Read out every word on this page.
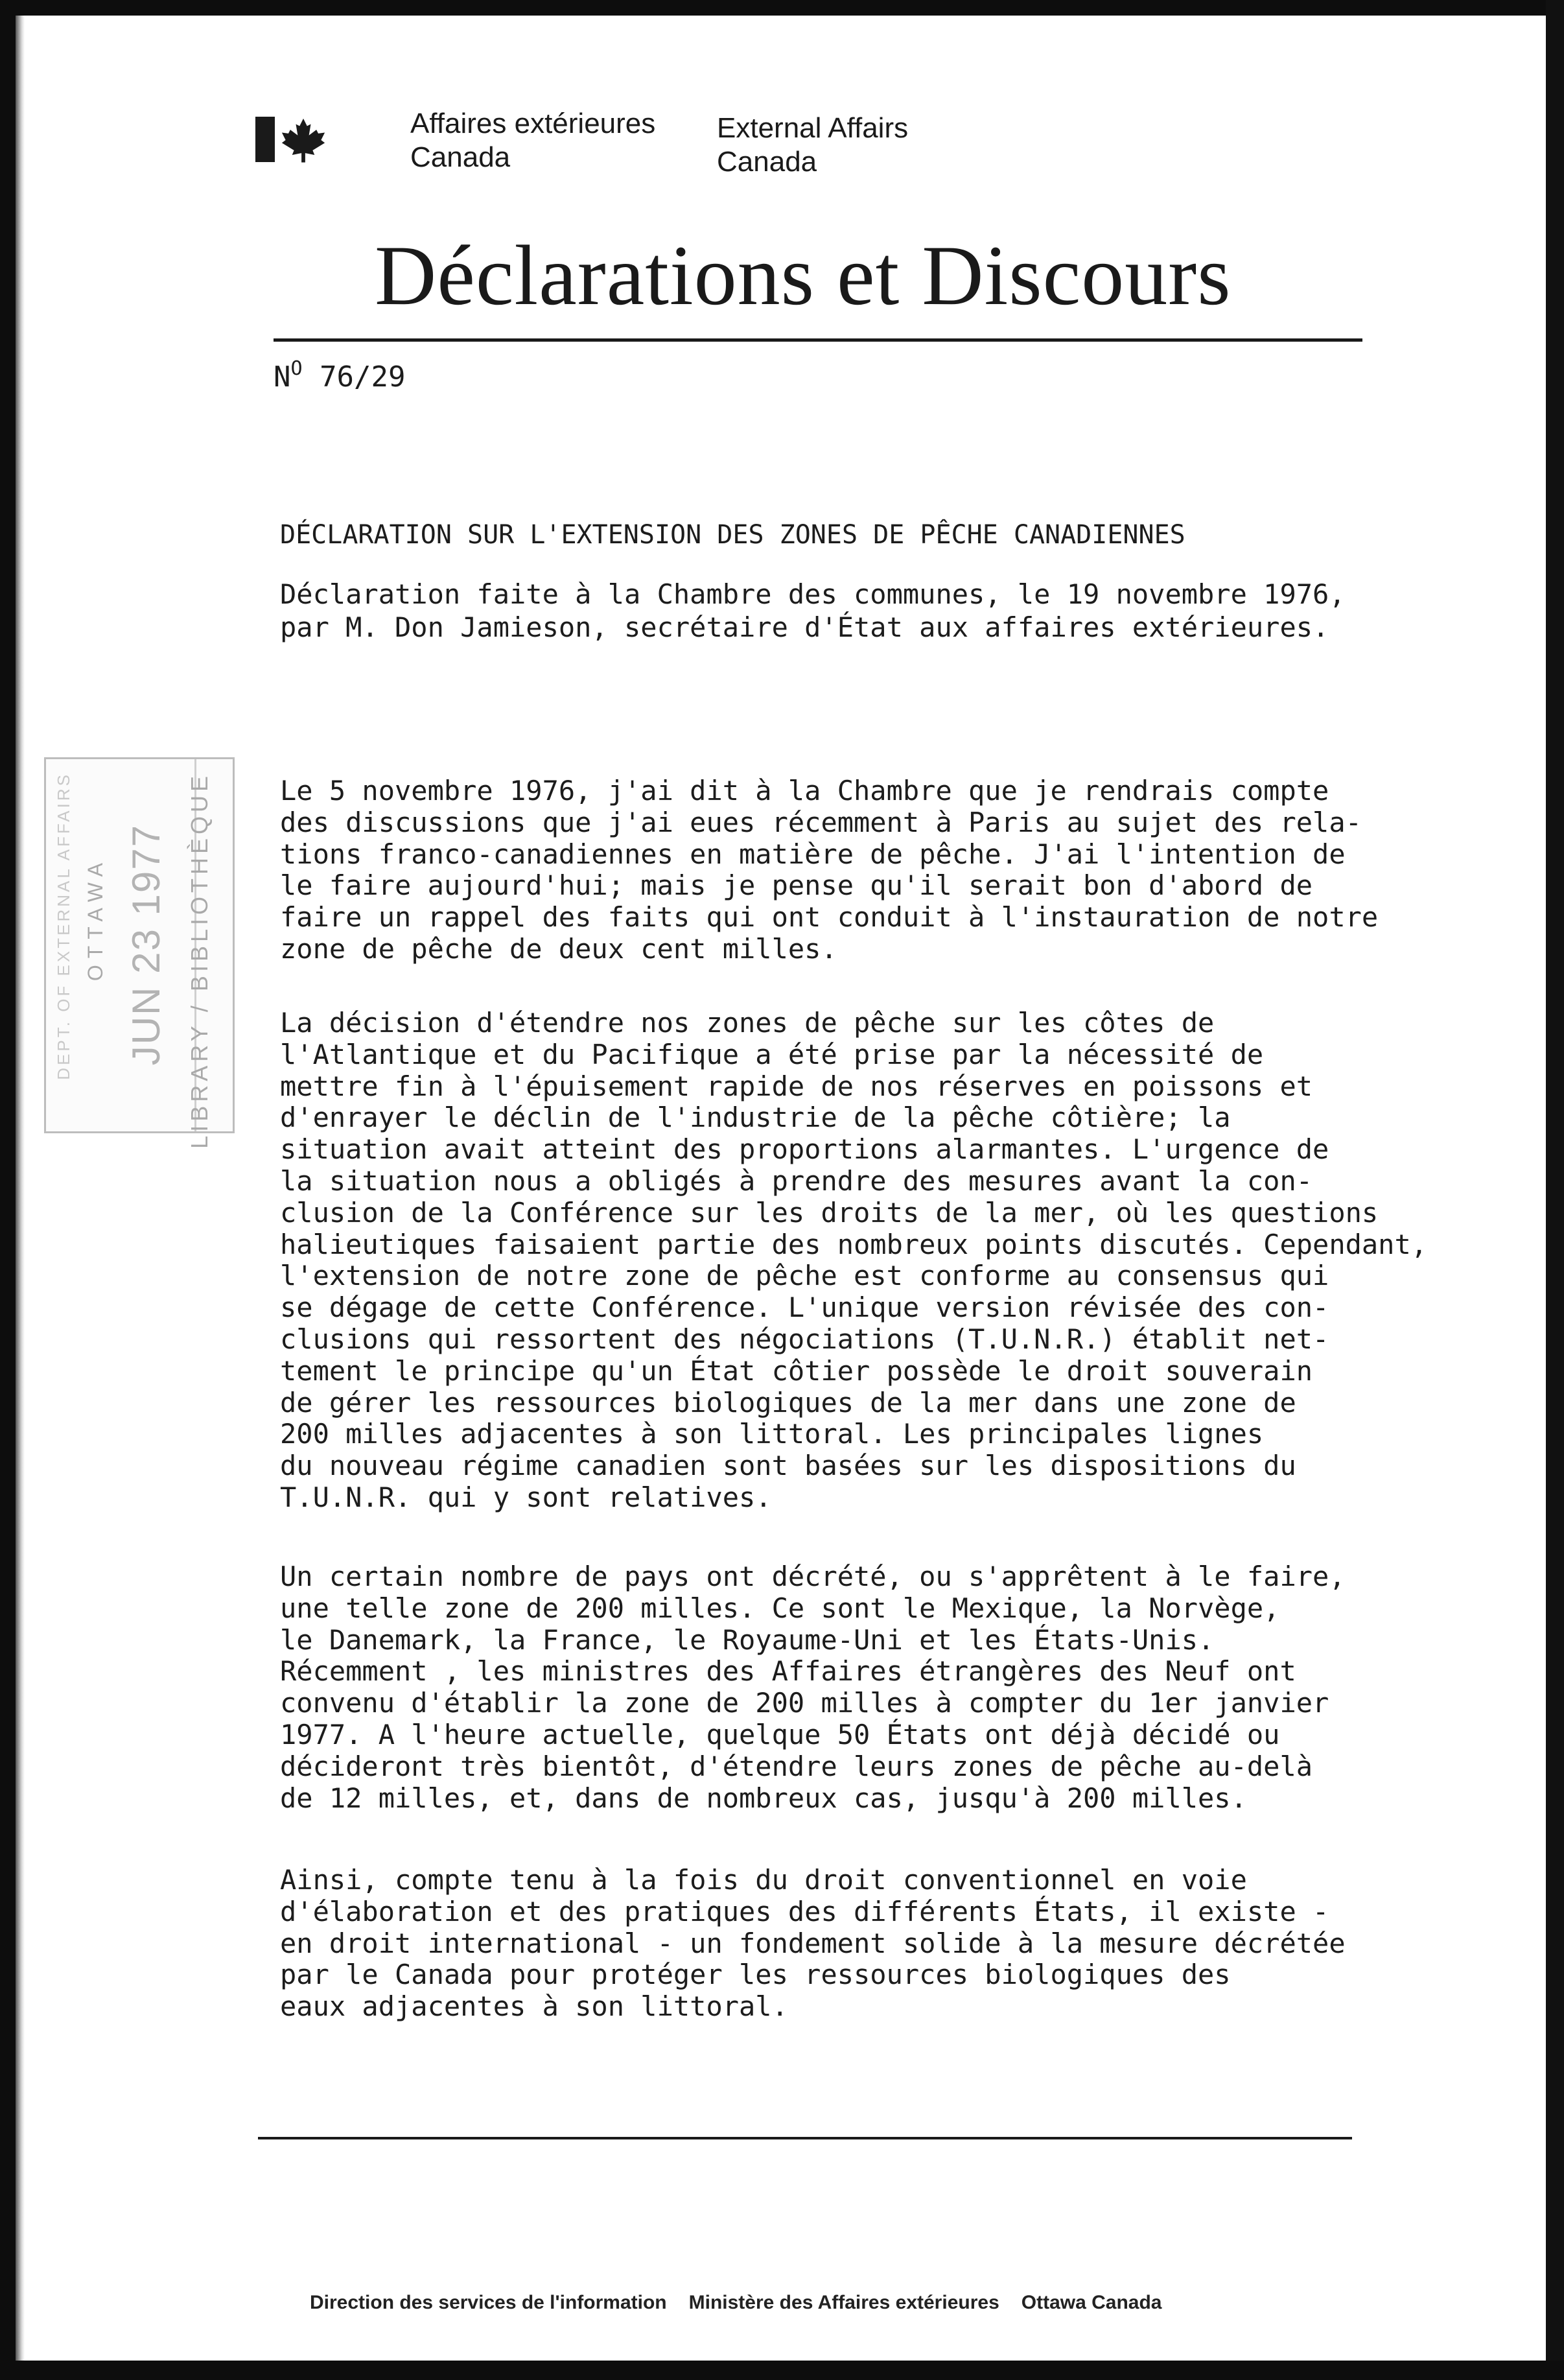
Affaires extérieures
Canada
External Affairs
Canada
Déclarations et Discours
$N^O$ 76/29
DÉCLARATION SUR L'EXTENSION DES ZONES DE PÊCHE CANADIENNES
Déclaration faite à la Chambre des communes, le 19 novembre 1976,
par M. Don Jamieson, secrétaire d'État aux affaires extérieures.
Le 5 novembre 1976, j'ai dit à la Chambre que je rendrais compte
des discussions que j'ai eues récemment à Paris au sujet des rela-
tions franco-canadiennes en matière de pêche. J'ai l'intention de
le faire aujourd'hui; mais je pense qu'il serait bon d'abord de
faire un rappel des faits qui ont conduit à l'instauration de notre
zone de pêche de deux cent milles.
La décision d'étendre nos zones de pêche sur les côtes de
l'Atlantique et du Pacifique a été prise par la nécessité de
mettre fin à l'épuisement rapide de nos réserves en poissons et
d'enrayer le déclin de l'industrie de la pêche côtière; la
situation avait atteint des proportions alarmantes. L'urgence de
la situation nous a obligés à prendre des mesures avant la con-
clusion de la Conférence sur les droits de la mer, où les questions
halieutiques faisaient partie des nombreux points discutés. Cependant,
l'extension de notre zone de pêche est conforme au consensus qui
se dégage de cette Conférence. L'unique version révisée des con-
clusions qui ressortent des négociations (T.U.N.R.) établit net-
tement le principe qu'un État côtier possède le droit souverain
de gérer les ressources biologiques de la mer dans une zone de
200 milles adjacentes à son littoral. Les principales lignes
du nouveau régime canadien sont basées sur les dispositions du
T.U.N.R. qui y sont relatives.
Un certain nombre de pays ont décrété, ou s'apprêtent à le faire,
une telle zone de 200 milles. Ce sont le Mexique, la Norvège,
le Danemark, la France, le Royaume-Uni et les États-Unis.
Récemment , les ministres des Affaires étrangères des Neuf ont
convenu d'établir la zone de 200 milles à compter du 1er janvier
1977. A l'heure actuelle, quelque 50 États ont déjà décidé ou
décideront très bientôt, d'étendre leurs zones de pêche au-delà
de 12 milles, et, dans de nombreux cas, jusqu'à 200 milles.
Ainsi, compte tenu à la fois du droit conventionnel en voie
d'élaboration et des pratiques des différents États, il existe -
en droit international - un fondement solide à la mesure décrétée
par le Canada pour protéger les ressources biologiques des
eaux adjacentes à son littoral.
DEPT. OF EXTERNAL AFFAIRS OTTAWA JUN 23 1977 LIBRARY / BIBLIOTHÈQUE
Direction des services de l'information Ministère des Affaires extérieures Ottawa Canada
